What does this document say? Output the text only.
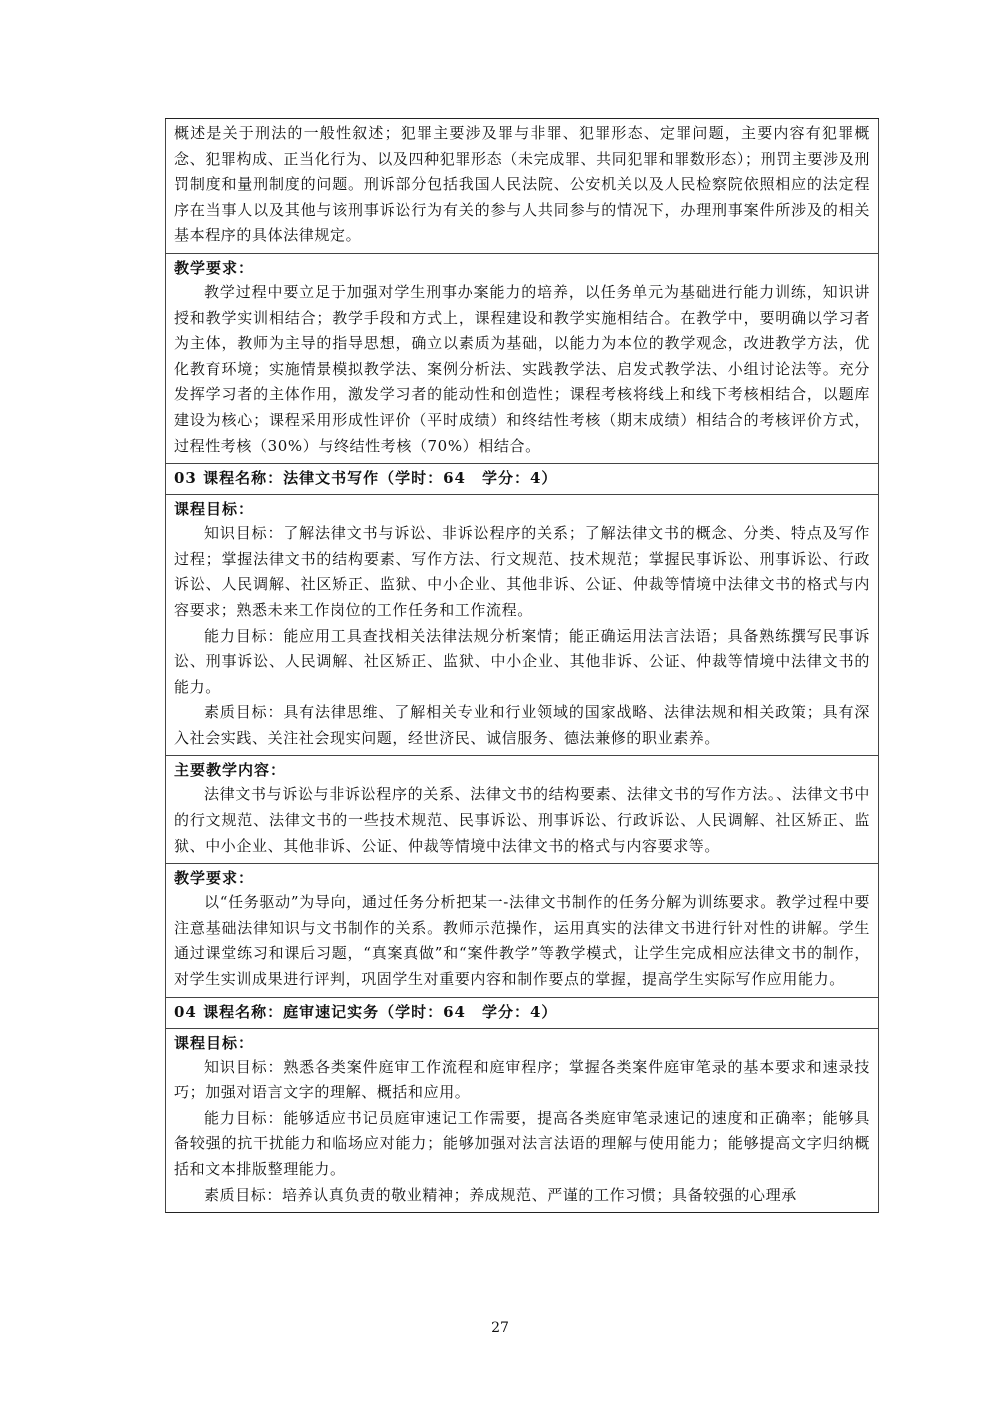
概述是关于刑法的一般性叙述；犯罪主要涉及罪与非罪、犯罪形态、定罪问题，主要内容有犯罪概念、犯罪构成、正当化行为、以及四种犯罪形态（未完成罪、共同犯罪和罪数形态）；刑罚主要涉及刑罚制度和量刑制度的问题。刑诉部分包括我国人民法院、公安机关以及人民检察院依照相应的法定程序在当事人以及其他与该刑事诉讼行为有关的参与人共同参与的情况下，办理刑事案件所涉及的相关基本程序的具体法律规定。

教学要求：

教学过程中要立足于加强对学生刑事办案能力的培养，以任务单元为基础进行能力训练，知识讲授和教学实训相结合；教学手段和方式上，课程建设和教学实施相结合。在教学中，要明确以学习者为主体，教师为主导的指导思想，确立以素质为基础，以能力为本位的教学观念，改进教学方法，优化教育环境；实施情景模拟教学法、案例分析法、实践教学法、启发式教学法、小组讨论法等。充分发挥学习者的主体作用，激发学习者的能动性和创造性；课程考核将线上和线下考核相结合，以题库建设为核心；课程采用形成性评价（平时成绩）和终结性考核（期末成绩）相结合的考核评价方式，过程性考核（30%）与终结性考核（70%）相结合。

03 课程名称：法律文书写作（学时：64　学分：4）
课程目标：

知识目标：了解法律文书与诉讼、非诉讼程序的关系；了解法律文书的概念、分类、特点及写作过程；掌握法律文书的结构要素、写作方法、行文规范、技术规范；掌握民事诉讼、刑事诉讼、行政诉讼、人民调解、社区矫正、监狱、中小企业、其他非诉、公证、仲裁等情境中法律文书的格式与内容要求；熟悉未来工作岗位的工作任务和工作流程。

能力目标：能应用工具查找相关法律法规分析案情；能正确运用法言法语；具备熟练撰写民事诉讼、刑事诉讼、人民调解、社区矫正、监狱、中小企业、其他非诉、公证、仲裁等情境中法律文书的能力。

素质目标：具有法律思维、了解相关专业和行业领域的国家战略、法律法规和相关政策；具有深入社会实践、关注社会现实问题，经世济民、诚信服务、德法兼修的职业素养。

主要教学内容：

法律文书与诉讼与非诉讼程序的关系、法律文书的结构要素、法律文书的写作方法。、法律文书中的行文规范、法律文书的一些技术规范、民事诉讼、刑事诉讼、行政诉讼、人民调解、社区矫正、监狱、中小企业、其他非诉、公证、仲裁等情境中法律文书的格式与内容要求等。

教学要求：

以“任务驱动”为导向，通过任务分析把某一-法律文书制作的任务分解为训练要求。教学过程中要注意基础法律知识与文书制作的关系。教师示范操作，运用真实的法律文书进行针对性的讲解。学生通过课堂练习和课后习题，“真案真做”和“案件教学”等教学模式，让学生完成相应法律文书的制作，对学生实训成果进行评判，巩固学生对重要内容和制作要点的掌握，提高学生实际写作应用能力。

04 课程名称：庭审速记实务（学时：64　学分：4）
课程目标：

知识目标：熟悉各类案件庭审工作流程和庭审程序；掌握各类案件庭审笔录的基本要求和速录技巧；加强对语言文字的理解、概括和应用。

能力目标：能够适应书记员庭审速记工作需要，提高各类庭审笔录速记的速度和正确率；能够具备较强的抗干扰能力和临场应对能力；能够加强对法言法语的理解与使用能力；能够提高文字归纳概括和文本排版整理能力。

素质目标：培养认真负责的敬业精神；养成规范、严谨的工作习惯；具备较强的心理承

27
